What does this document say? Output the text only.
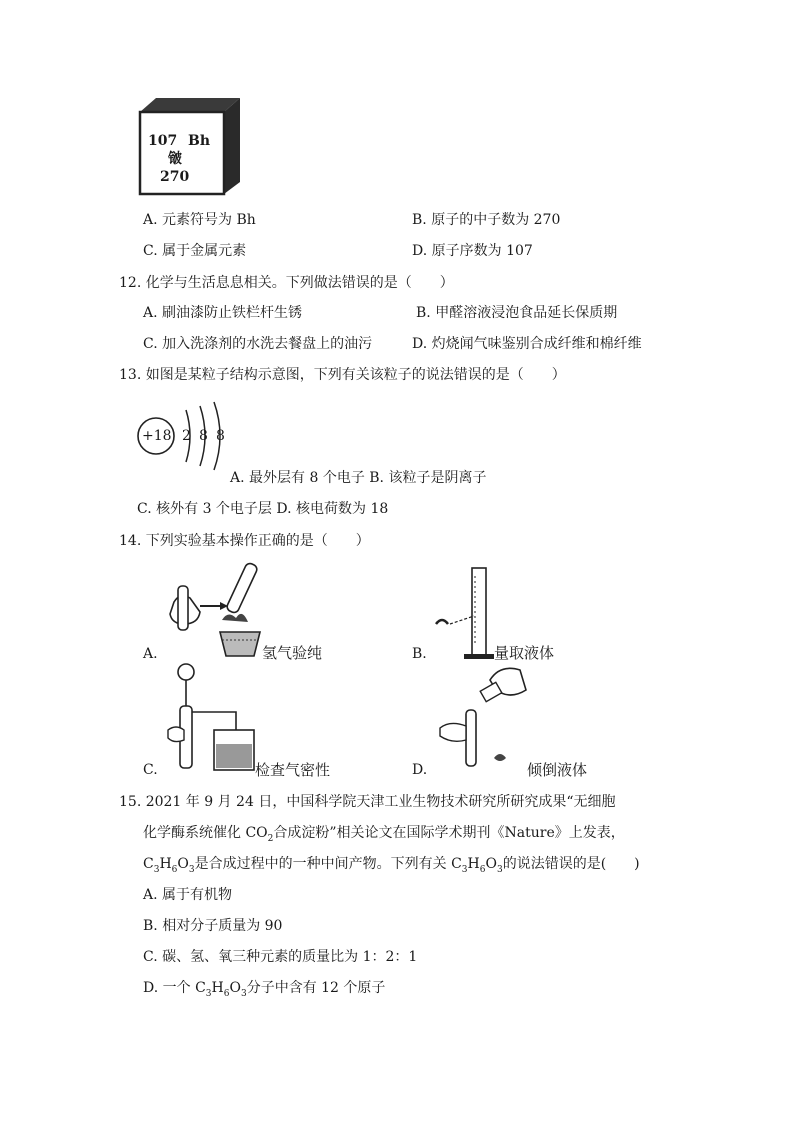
107 Bh
𬭛
270
A. 元素符号为 Bh	B. 原子的中子数为 270
C. 属于金属元素	D. 原子序数为 107
12. 化学与生活息息相关。下列做法错误的是（　　）
A. 刷油漆防止铁栏杆生锈	B. 甲醛溶液浸泡食品延长保质期
C. 加入洗涤剂的水洗去餐盘上的油污	D. 灼烧闻气味鉴别合成纤维和棉纤维
13. 如图是某粒子结构示意图，下列有关该粒子的说法错误的是（　　）
+18 2 8 8
A. 最外层有 8 个电子 B. 该粒子是阴离子
C. 核外有 3 个电子层 D. 核电荷数为 18
14. 下列实验基本操作正确的是（　　）
A.	氢气验纯	B.	量取液体
C.	检查气密性	D.	倾倒液体
15. 2021 年 9 月 24 日，中国科学院天津工业生物技术研究所研究成果“无细胞
化学酶系统催化 $CO_2$合成淀粉”相关论文在国际学术期刊《Nature》上发表，
$C_3H_6O_3$是合成过程中的一种中间产物。下列有关 $C_3H_6O_3$的说法错误的是(　　)
A. 属于有机物
B. 相对分子质量为 90
C. 碳、氢、氧三种元素的质量比为 1：2：1
D. 一个 $C_3H_6O_3$分子中含有 12 个原子
